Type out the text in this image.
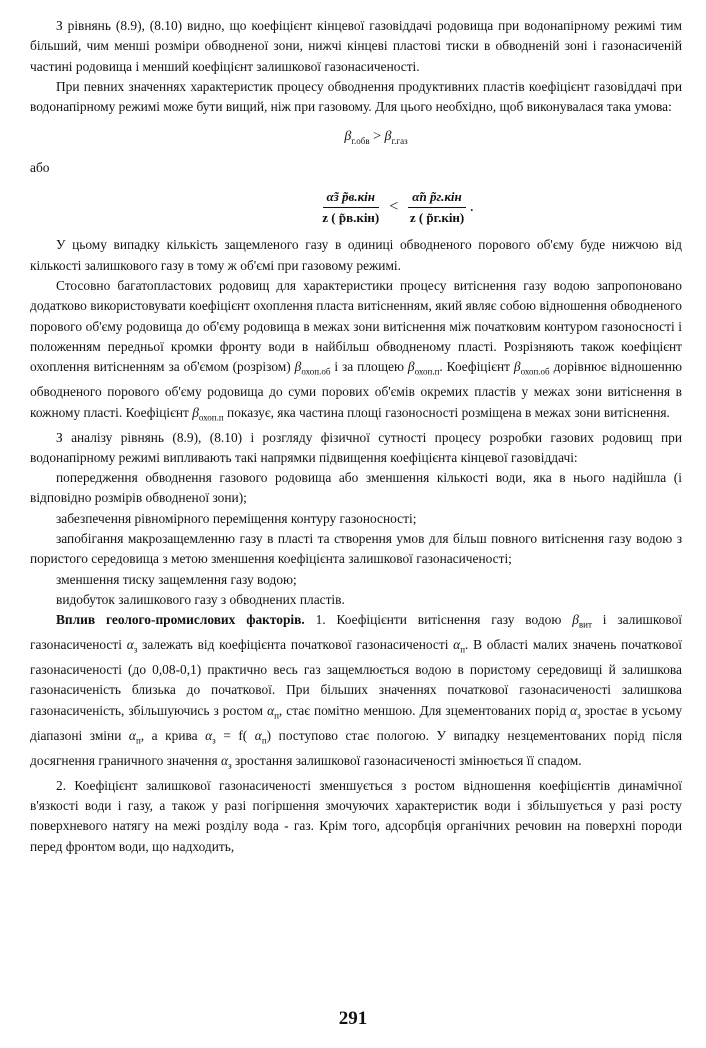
З рівнянь (8.9), (8.10) видно, що коефіцієнт кінцевої газовіддачі родовища при водонапірному режимі тим більший, чим менші розміри обводненої зони, нижчі кінцеві пластові тиски в обводненій зоні і газонасиченій частині родовища і менший коефіцієнт залишкової газонасиченості.

При певних значеннях характеристик процесу обводнення продуктивних пластів коефіцієнт газовіддачі при водонапірному режимі може бути вищий, ніж при газовому. Для цього необхідно, щоб виконувалася така умова:

$\beta_{г.обв} > \beta_{г.газ}$

або

$\frac{\text{α̃з p̃в.кін}}{\text{z ( p̃в.кін)}} < \frac{\text{α̃п p̃г.кін}}{\text{z ( p̃г.кін)}}$ .

У цьому випадку кількість защемленого газу в одиниці обводненого порового об'єму буде нижчою від кількості залишкового газу в тому ж об'ємі при газовому режимі.

Стосовно багатопластових родовищ для характеристики процесу витіснення газу водою запропоновано додатково використовувати коефіцієнт охоплення пласта витісненням, який являє собою відношення обводненого порового об'єму родовища до об'єму родовища в межах зони витіснення між початковим контуром газоносності і положенням передньої кромки фронту води в найбільш обводненому пласті. Розрізняють також коефіцієнт охоплення витісненням за об'ємом (розрізом) $\beta_{охоп.об}$ і за площею $\beta_{охоп.п}$. Коефіцієнт $\beta_{охоп.об}$ дорівнює відношенню обводненого порового об'єму родовища до суми порових об'ємів окремих пластів у межах зони витіснення в кожному пласті. Коефіцієнт $\beta_{охоп.п}$ показує, яка частина площі газоносності розміщена в межах зони витіснення.

З аналізу рівнянь (8.9), (8.10) і розгляду фізичної сутності процесу розробки газових родовищ при водонапірному режимі випливають такі напрямки підвищення коефіцієнта кінцевої газовіддачі:

попередження обводнення газового родовища або зменшення кількості води, яка в нього надійшла (і відповідно розмірів обводненої зони);

забезпечення рівномірного переміщення контуру газоносності;

запобігання макрозащемленню газу в пласті та створення умов для більш повного витіснення газу водою з пористого середовища з метою зменшення коефіцієнта залишкової газонасиченості;

зменшення тиску защемлення газу водою;

видобуток залишкового газу з обводнених пластів.

Вплив геолого-промислових факторів. 1. Коефіцієнти витіснення газу водою $\beta_{вит}$ і залишкової газонасиченості $\alpha_з$ залежать від коефіцієнта початкової газонасиченості $\alpha_п$. В області малих значень початкової газонасиченості (до 0,08-0,1) практично весь газ защемлюється водою в пористому середовищі й залишкова газонасиченість близька до початкової. При більших значеннях початкової газонасиченості залишкова газонасиченість, збільшуючись з ростом $\alpha_п$, стає помітно меншою. Для зцементованих порід $\alpha_з$ зростає в усьому діапазоні зміни $\alpha_п$, а крива $\alpha_з = f$( $\alpha_п$) поступово стає пологою. У випадку незцементованих порід після досягнення граничного значення $\alpha_з$ зростання залишкової газонасиченості змінюється її спадом.

2. Коефіцієнт залишкової газонасиченості зменшується з ростом відношення коефіцієнтів динамічної в'язкості води і газу, а також у разі погіршення змочуючих характеристик води і збільшується у разі росту поверхневого натягу на межі розділу вода - газ. Крім того, адсорбція органічних речовин на поверхні породи перед фронтом води, що надходить,

291
